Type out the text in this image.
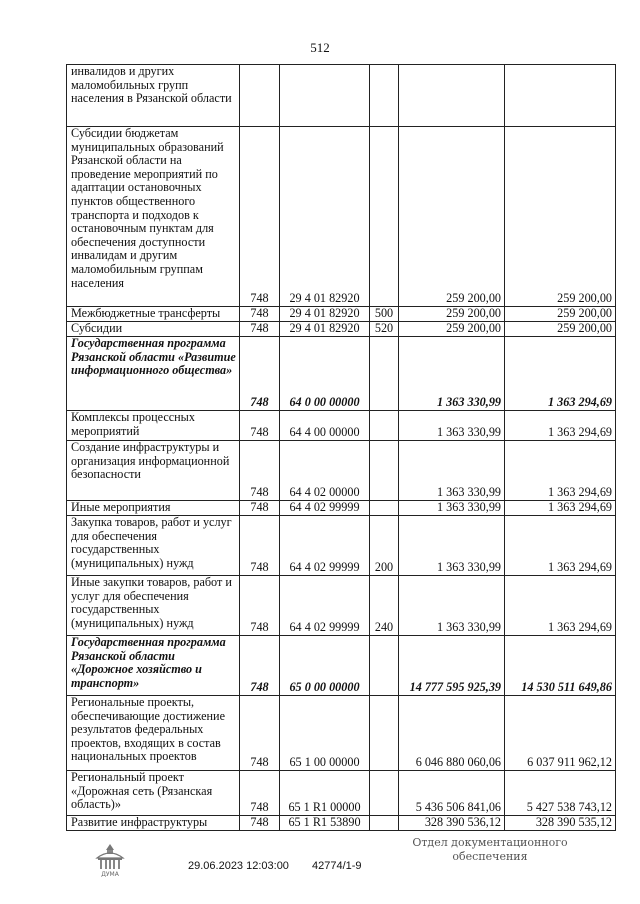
512
инвалидов и других маломобильных групп населения в Рязанской области					
Субсидии бюджетам муниципальных образований Рязанской области на проведение мероприятий по адаптации остановочных пунктов общественного транспорта и подходов к остановочным пунктам для обеспечения доступности инвалидам и другим маломобильным группам населения	748	29 4 01 82920		259 200,00	259 200,00
Межбюджетные трансферты	748	29 4 01 82920	500	259 200,00	259 200,00
Субсидии	748	29 4 01 82920	520	259 200,00	259 200,00
Государственная программа Рязанской области «Развитие информационного общества»	748	64 0 00 00000		1 363 330,99	1 363 294,69
Комплексы процессных мероприятий	748	64 4 00 00000		1 363 330,99	1 363 294,69
Создание инфраструктуры и организация информационной безопасности	748	64 4 02 00000		1 363 330,99	1 363 294,69
Иные мероприятия	748	64 4 02 99999		1 363 330,99	1 363 294,69
Закупка товаров, работ и услуг для обеспечения государственных (муниципальных) нужд	748	64 4 02 99999	200	1 363 330,99	1 363 294,69
Иные закупки товаров, работ и услуг для обеспечения государственных (муниципальных) нужд	748	64 4 02 99999	240	1 363 330,99	1 363 294,69
Государственная программа Рязанской области «Дорожное хозяйство и транспорт»	748	65 0 00 00000		14 777 595 925,39	14 530 511 649,86
Региональные проекты, обеспечивающие достижение результатов федеральных проектов, входящих в состав национальных проектов	748	65 1 00 00000		6 046 880 060,06	6 037 911 962,12
Региональный проект «Дорожная сеть (Рязанская область)»	748	65 1 R1 00000		5 436 506 841,06	5 427 538 743,12
Развитие инфраструктуры	748	65 1 R1 53890		328 390 536,12	328 390 535,12
ДУМА
29.06.2023 12:03:00 42774/1-9
Отдел документационного
обеспечения
